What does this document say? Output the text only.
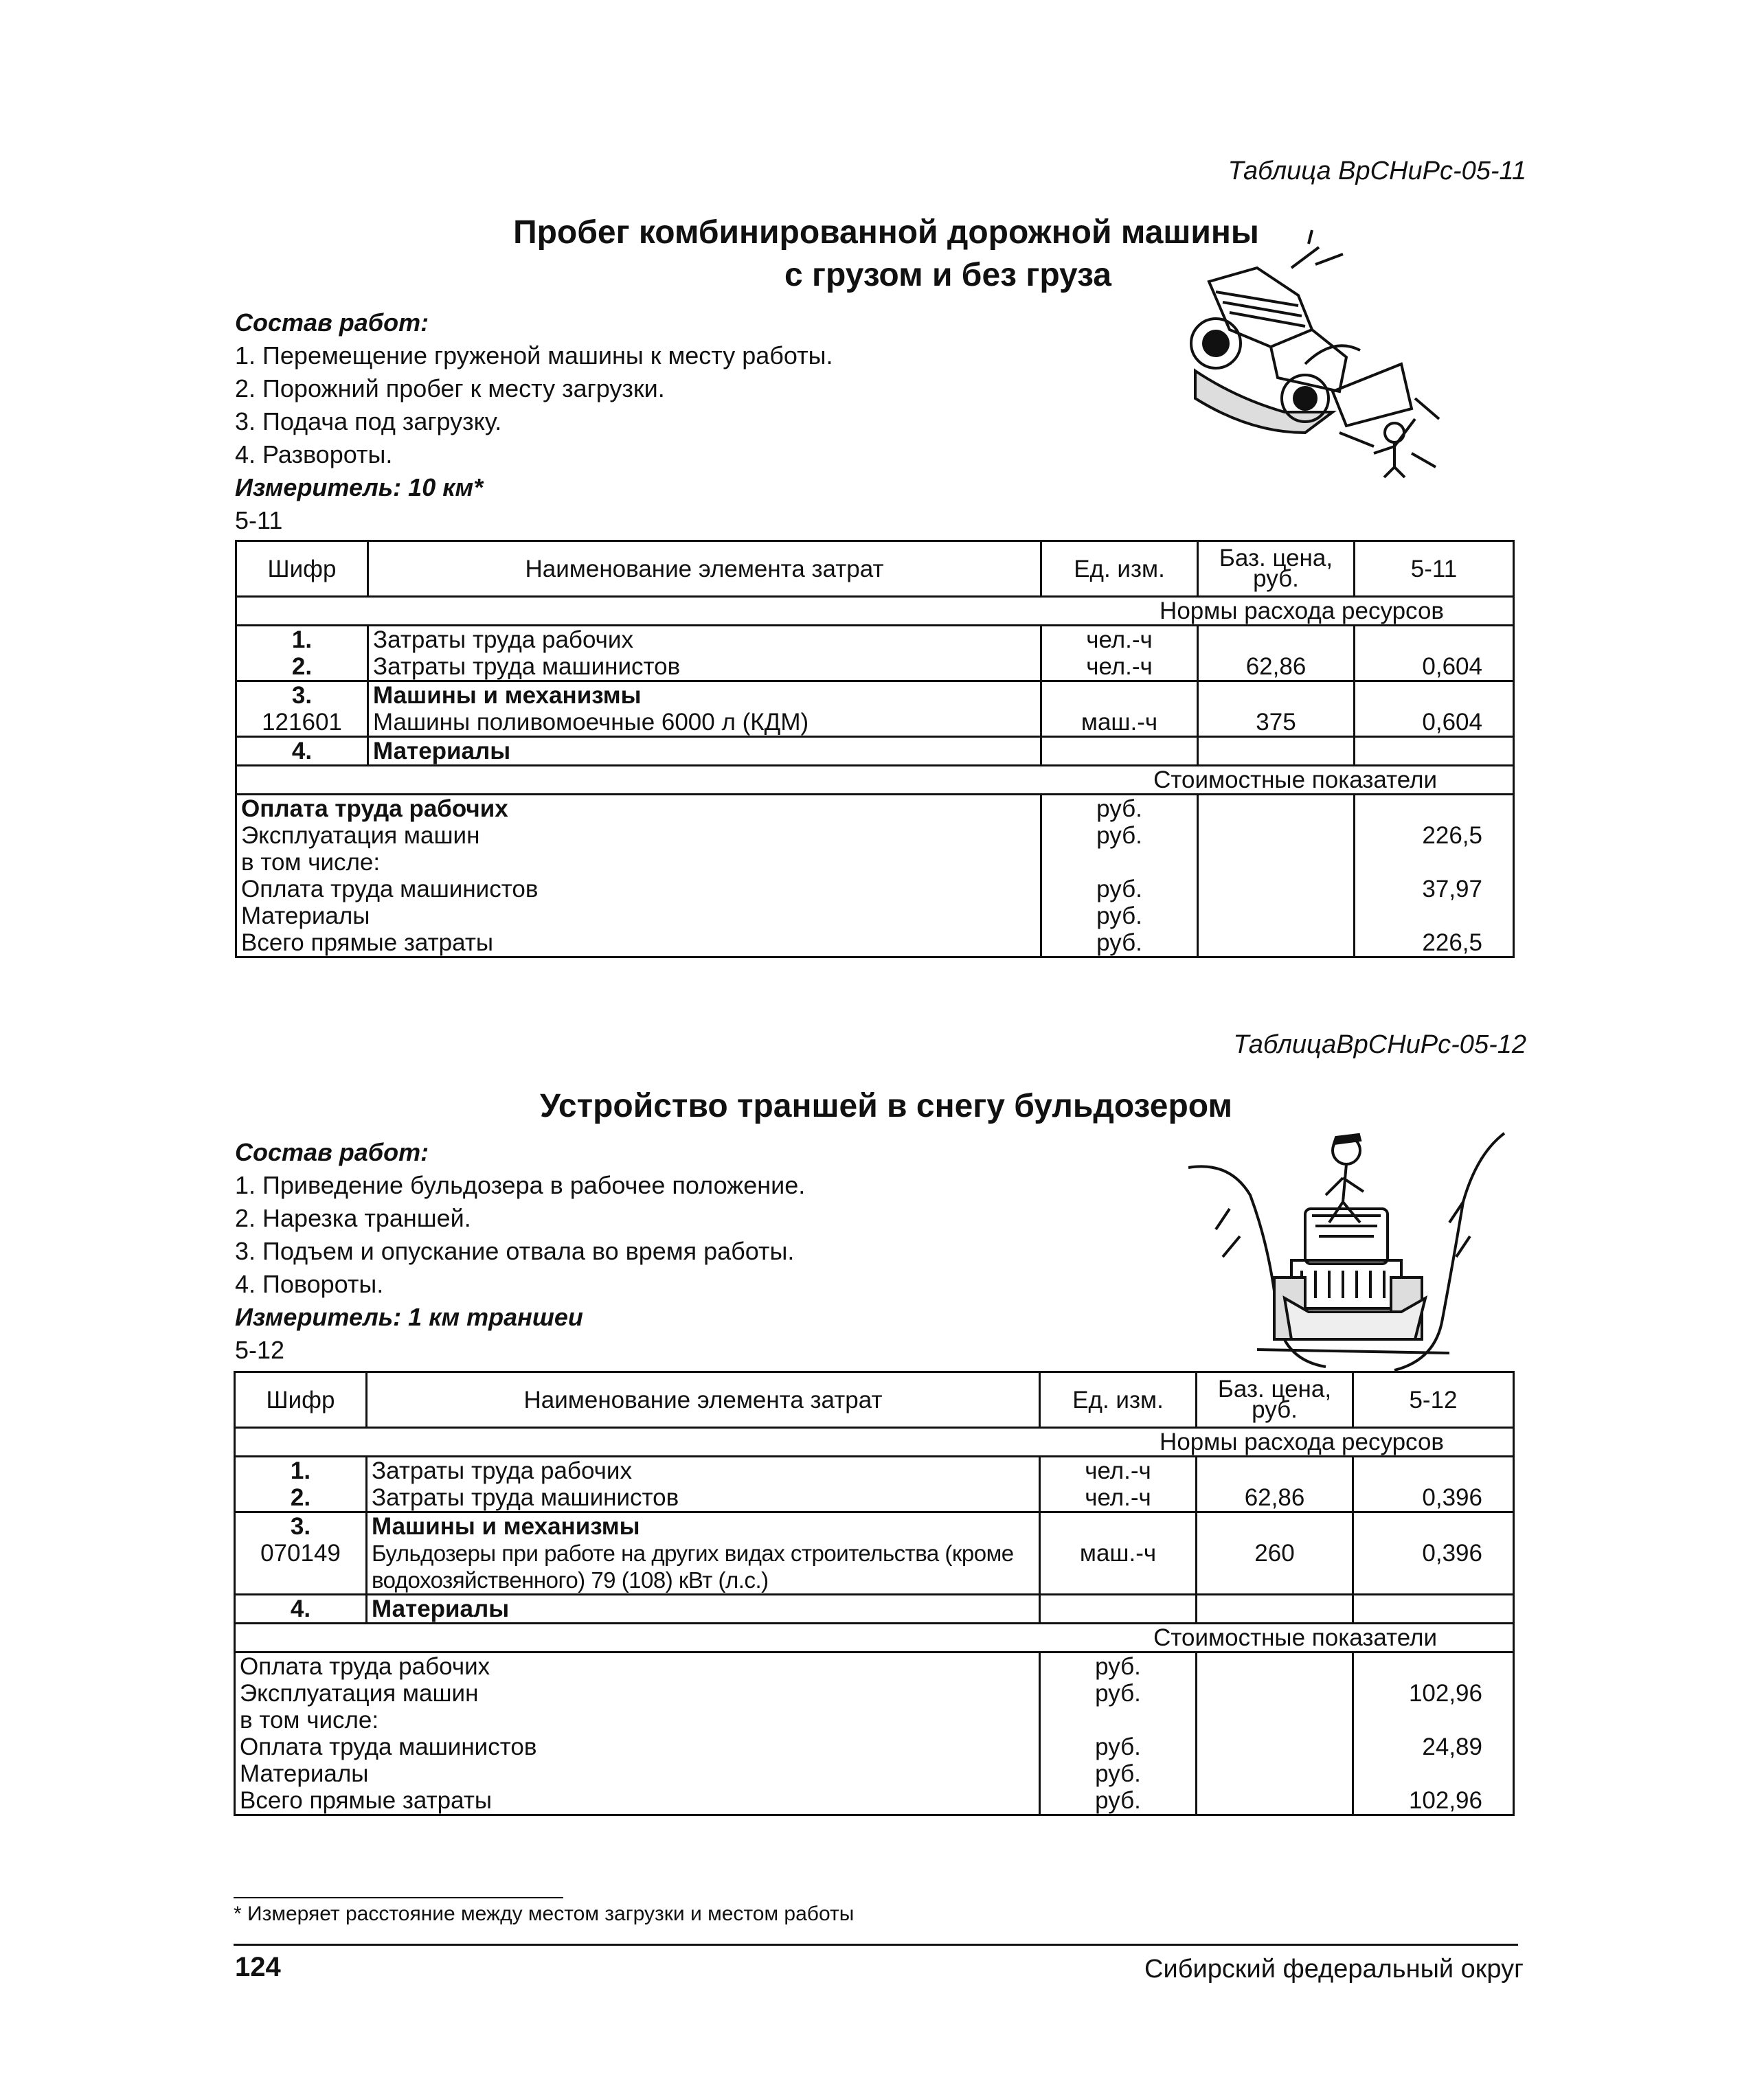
Таблица ВрСНиРс-05-11
Пробег комбинированной дорожной машины
с грузом и без груза
Состав работ:
1. Перемещение груженой машины к месту работы.
2. Порожний пробег к месту загрузки.
3. Подача под загрузку.
4. Развороты.
Измеритель: 10 км*
5-11
Шифр	Наименование элемента затрат	Ед. изм.	Баз. цена, руб.	5-11
Нормы расхода ресурсов				
1.	Затраты труда рабочих	чел.-ч		
2.	Затраты труда машинистов	чел.-ч	62,86	0,604
3.	Машины и механизмы			
121601	Машины поливомоечные 6000 л (КДМ)	маш.-ч	375	0,604
4.	Материалы			
Стоимостные показатели				
Оплата труда рабочих		руб.		
Эксплуатация машин		руб.		226,5
в том числе:				
Оплата труда машинистов		руб.		37,97
Материалы		руб.		
Всего прямые затраты		руб.		226,5
ТаблицаВрСНиРс-05-12
Устройство траншей в снегу бульдозером
Состав работ:
1. Приведение бульдозера в рабочее положение.
2. Нарезка траншей.
3. Подъем и опускание отвала во время работы.
4. Повороты.
Измеритель: 1 км траншеи
5-12
Шифр	Наименование элемента затрат	Ед. изм.	Баз. цена, руб.	5-12
Нормы расхода ресурсов				
1.	Затраты труда рабочих	чел.-ч		
2.	Затраты труда машинистов	чел.-ч	62,86	0,396
3.	Машины и механизмы			
070149	Бульдозеры при работе на других видах строительства (кроме водохозяйственного) 79 (108) кВт (л.с.)	маш.-ч	260	0,396
4.	Материалы			
Стоимостные показатели				
Оплата труда рабочих		руб.		
Эксплуатация машин		руб.		102,96
в том числе:				
Оплата труда машинистов		руб.		24,89
Материалы		руб.		
Всего прямые затраты		руб.		102,96
* Измеряет расстояние между местом загрузки и местом работы
124	Сибирский федеральный округ
